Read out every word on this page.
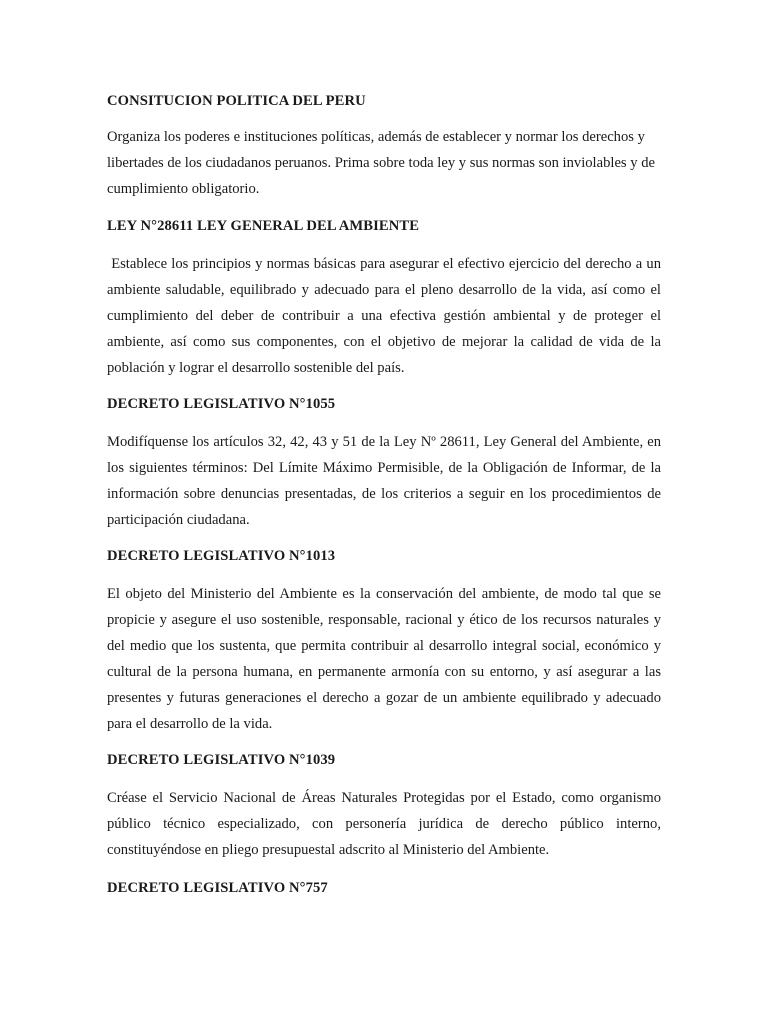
CONSITUCION POLITICA DEL PERU
Organiza los poderes e instituciones políticas, además de establecer y normar los derechos y libertades de los ciudadanos peruanos. Prima sobre toda ley y sus normas son inviolables y de cumplimiento obligatorio.
LEY N°28611 LEY GENERAL DEL AMBIENTE
Establece los principios y normas básicas para asegurar el efectivo ejercicio del derecho a un ambiente saludable, equilibrado y adecuado para el pleno desarrollo de la vida, así como el cumplimiento del deber de contribuir a una efectiva gestión ambiental y de proteger el ambiente, así como sus componentes, con el objetivo de mejorar la calidad de vida de la población y lograr el desarrollo sostenible del país.
DECRETO LEGISLATIVO N°1055
Modifíquense los artículos 32, 42, 43 y 51 de la Ley Nº 28611, Ley General del Ambiente, en los siguientes términos: Del Límite Máximo Permisible, de la Obligación de Informar, de la información sobre denuncias presentadas, de los criterios a seguir en los procedimientos de participación ciudadana.
DECRETO LEGISLATIVO N°1013
El objeto del Ministerio del Ambiente es la conservación del ambiente, de modo tal que se propicie y asegure el uso sostenible, responsable, racional y ético de los recursos naturales y del medio que los sustenta, que permita contribuir al desarrollo integral social, económico y cultural de la persona humana, en permanente armonía con su entorno, y así asegurar a las presentes y futuras generaciones el derecho a gozar de un ambiente equilibrado y adecuado para el desarrollo de la vida.
DECRETO LEGISLATIVO N°1039
Créase el Servicio Nacional de Áreas Naturales Protegidas por el Estado, como organismo público técnico especializado, con personería jurídica de derecho público interno, constituyéndose en pliego presupuestal adscrito al Ministerio del Ambiente.
DECRETO LEGISLATIVO N°757
